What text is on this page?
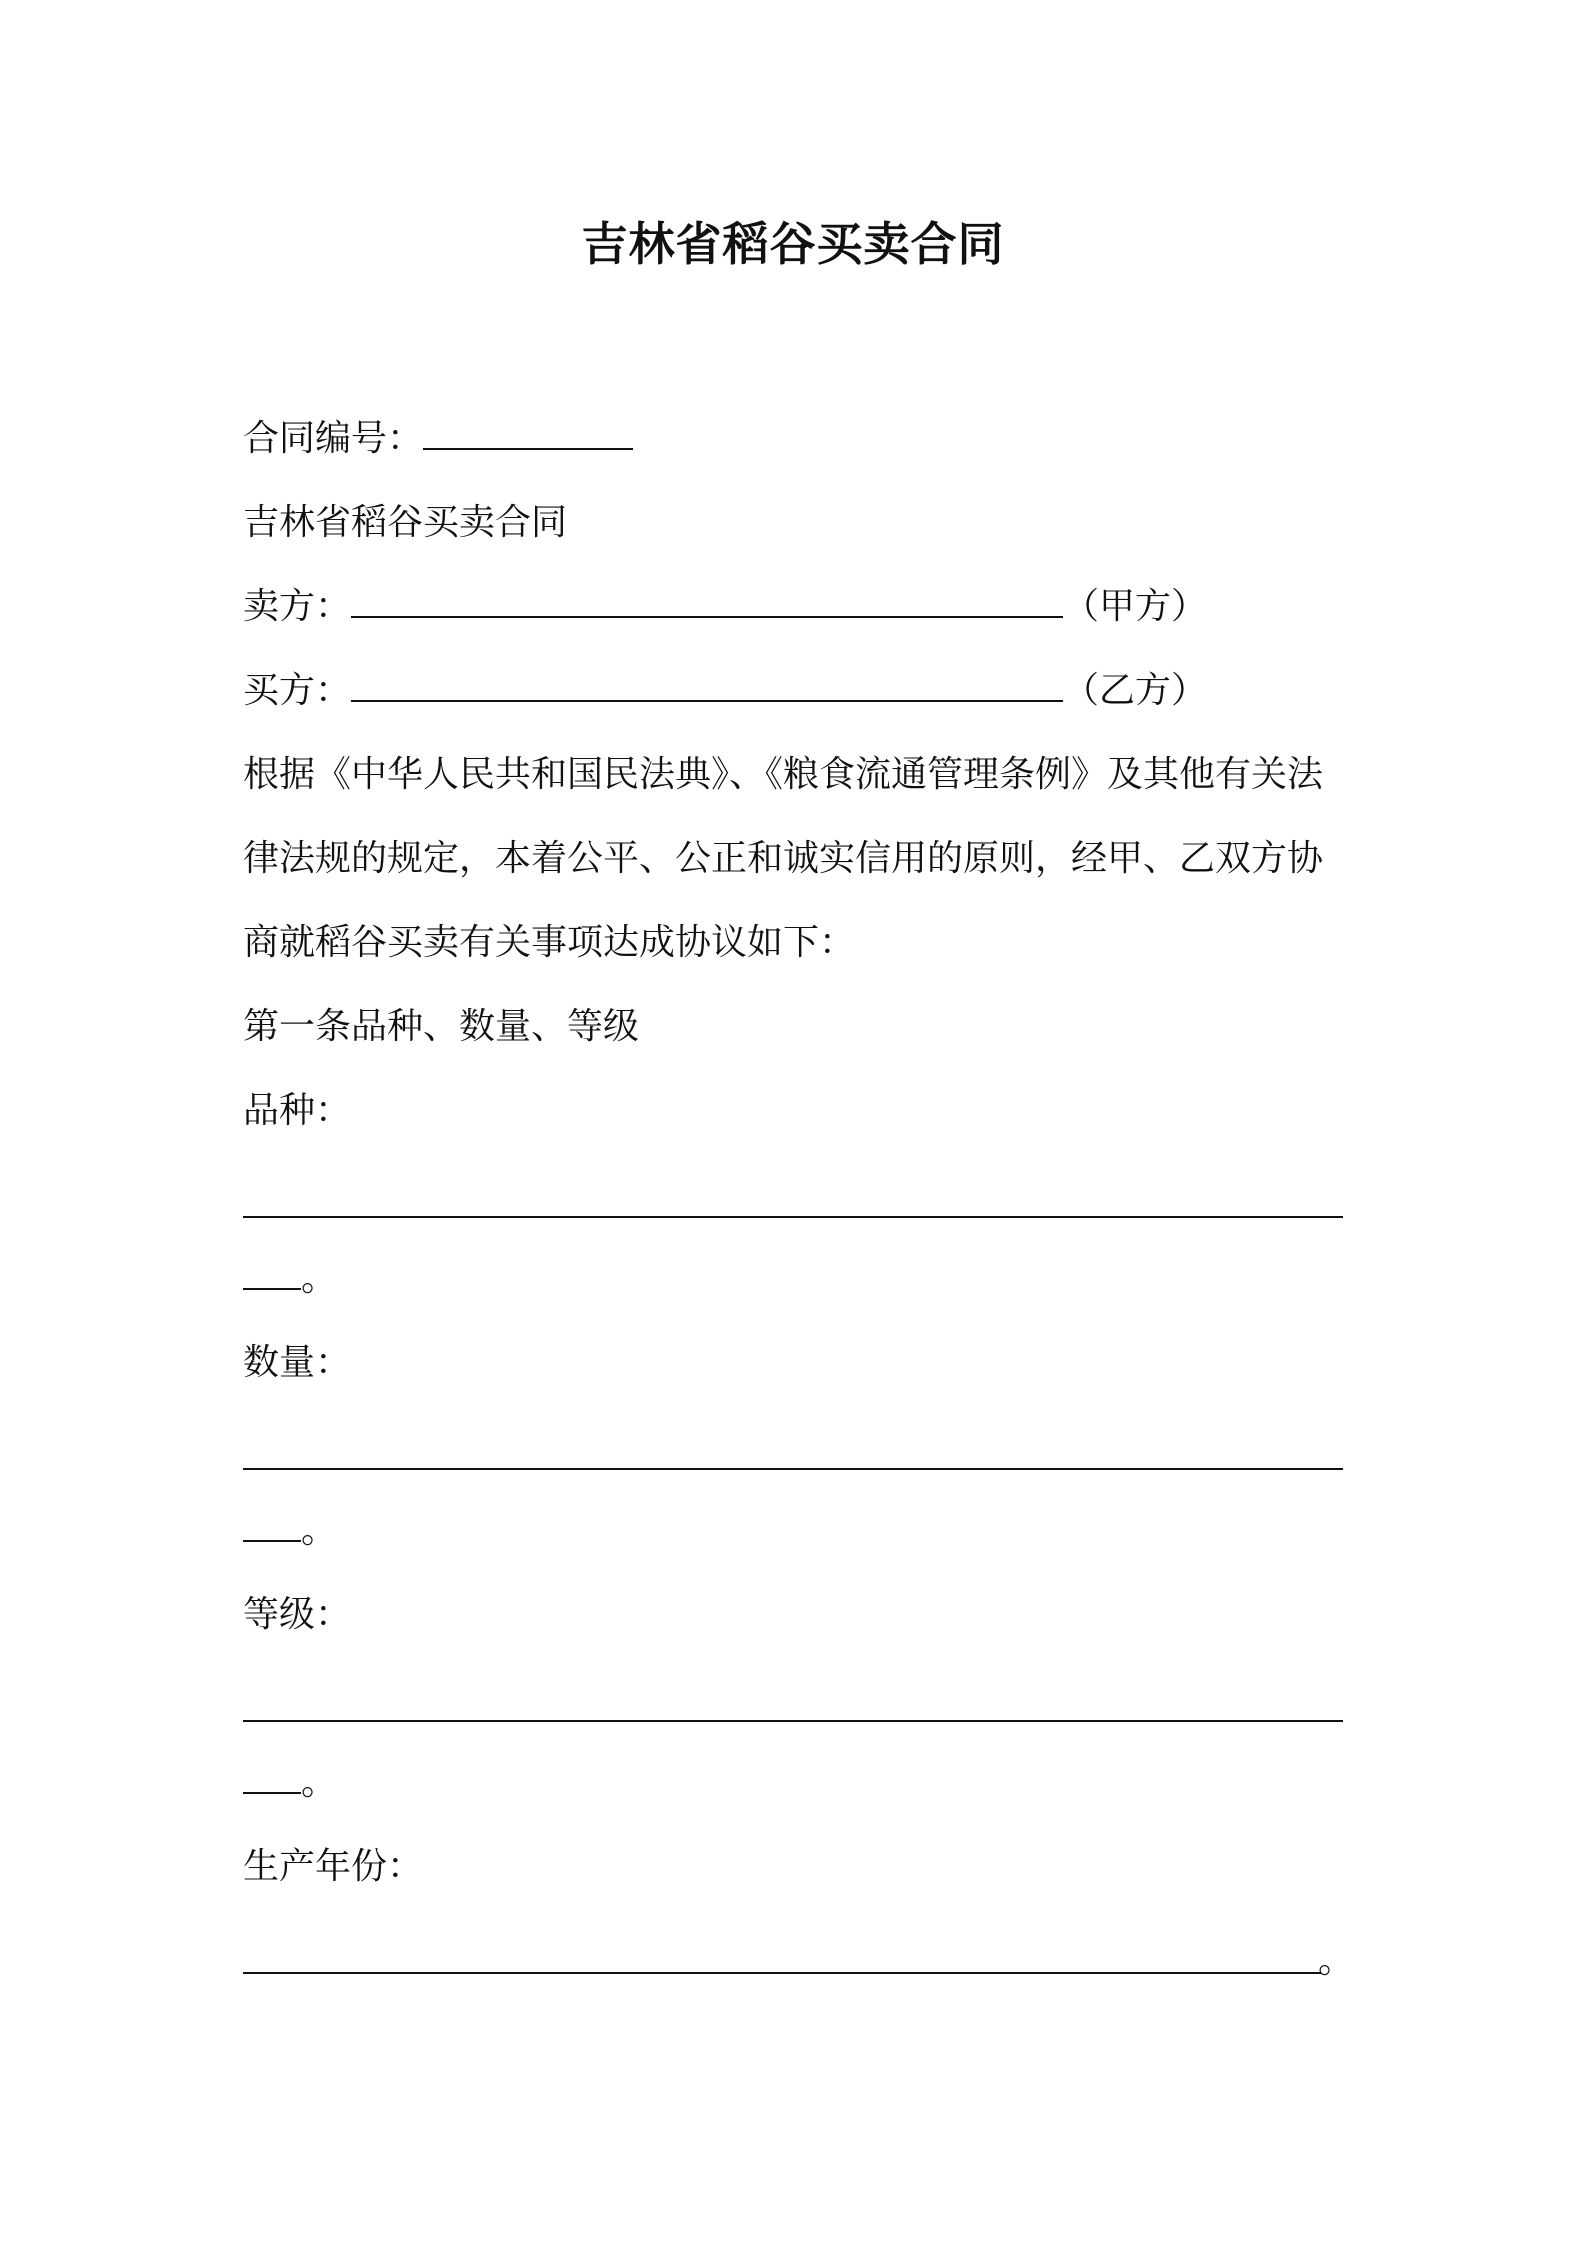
吉林省稻谷买卖合同
合同编号：
吉林省稻谷买卖合同
卖方：	（甲方）
买方：	（乙方）
根据《中华人民共和国民法典》、《粮食流通管理条例》及其他有关法
律法规的规定，本着公平、公正和诚实信用的原则，经甲、乙双方协
商就稻谷买卖有关事项达成协议如下：
第一条品种、数量、等级
品种：
。
数量：
。
等级：
。
生产年份：
。
